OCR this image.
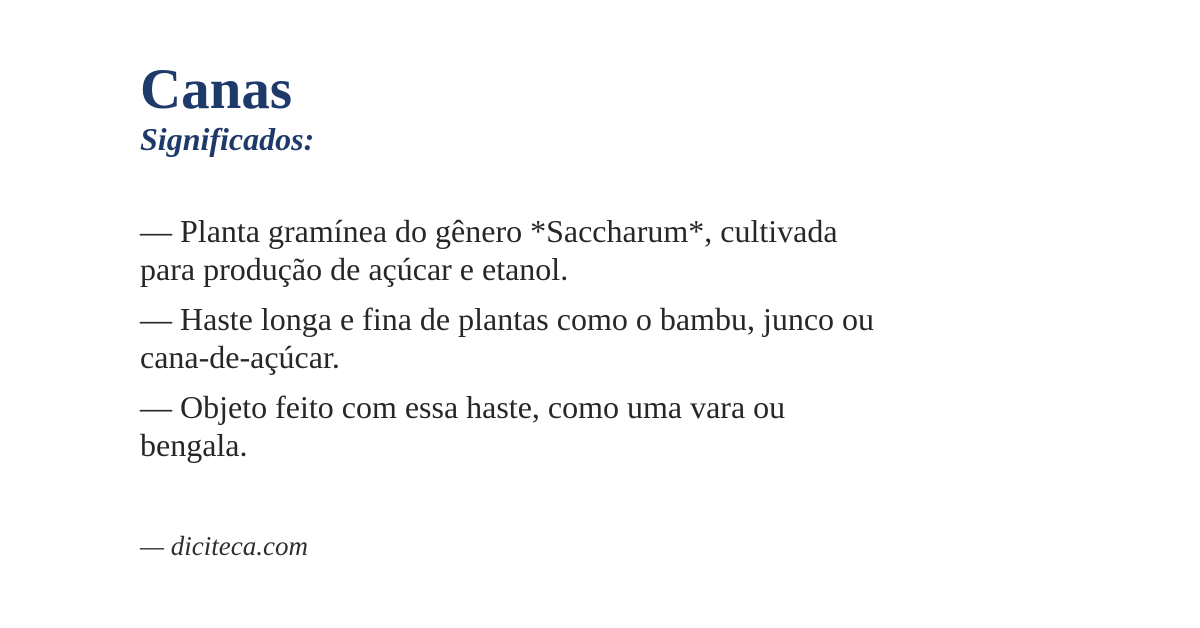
Canas
Significados:

— Planta gramínea do gênero *Saccharum*, cultivada para produção de açúcar e etanol.

— Haste longa e fina de plantas como o bambu, junco ou cana-de-açúcar.

— Objeto feito com essa haste, como uma vara ou bengala.

— diciteca.com
